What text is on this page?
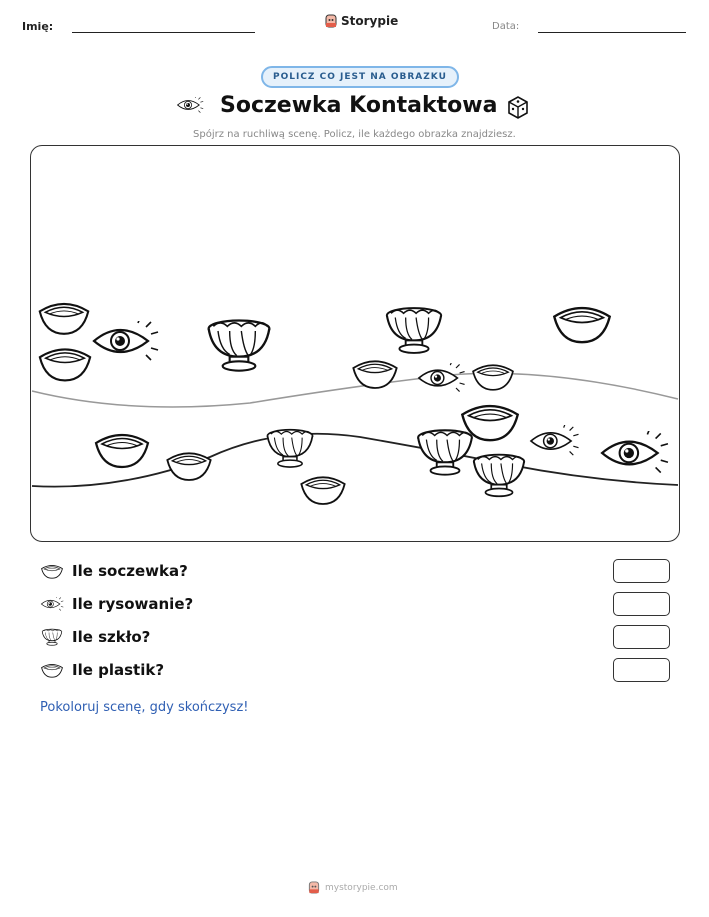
Imię:	Storypie	Data:
POLICZ CO JEST NA OBRAZKU
Soczewka Kontaktowa
Spójrz na ruchliwą scenę. Policz, ile każdego obrazka znajdziesz.
Ile soczewka?
Ile rysowanie?
Ile szkło?
Ile plastik?
Pokoloruj scenę, gdy skończysz!
mystorypie.com
